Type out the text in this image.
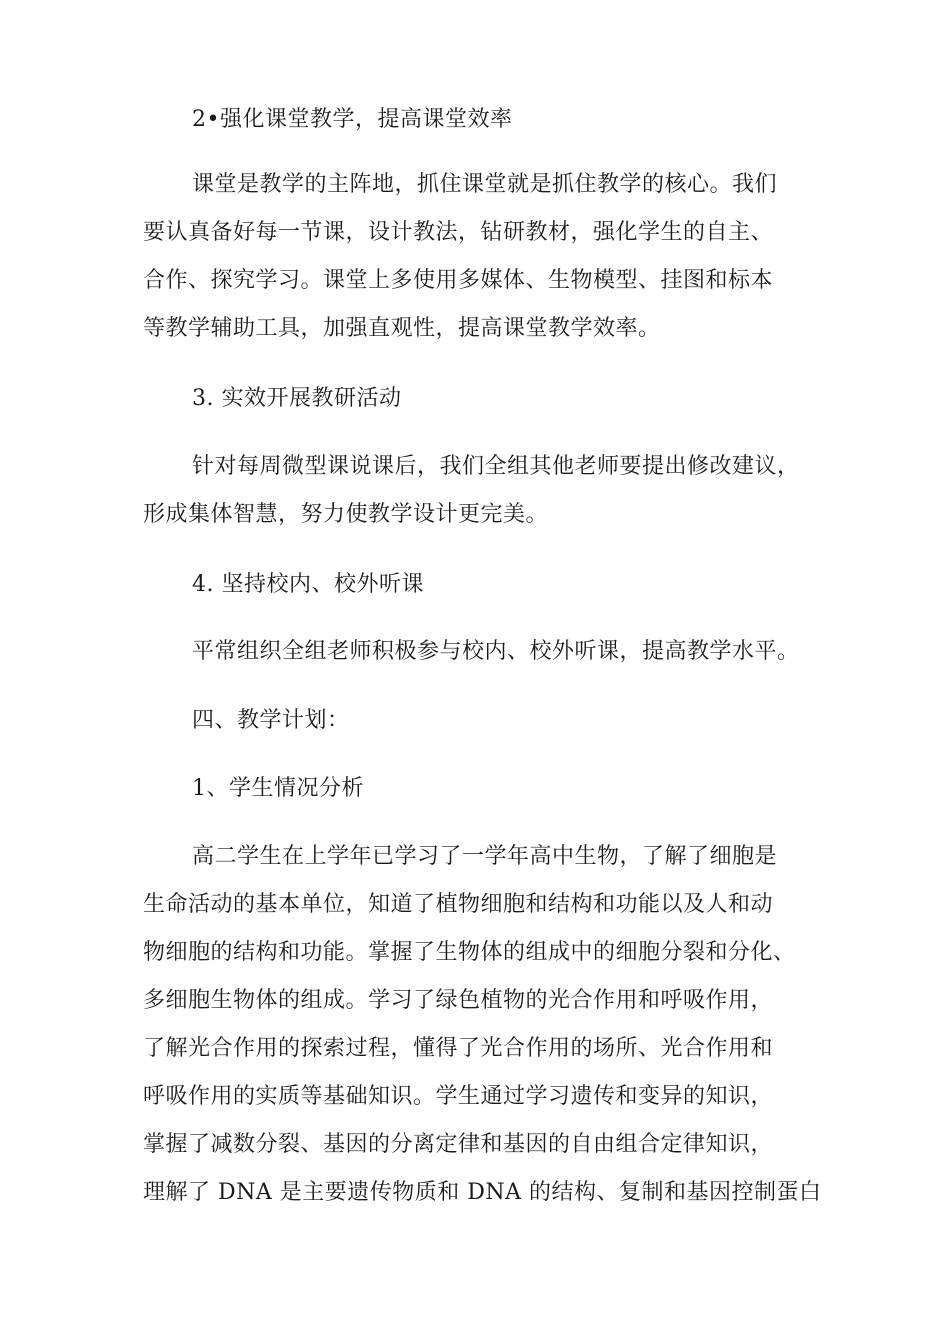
2•强化课堂教学，提高课堂效率
课堂是教学的主阵地，抓住课堂就是抓住教学的核心。我们
要认真备好每一节课，设计教法，钻研教材，强化学生的自主、
合作、探究学习。课堂上多使用多媒体、生物模型、挂图和标本
等教学辅助工具，加强直观性，提高课堂教学效率。
3. 实效开展教研活动
针对每周微型课说课后，我们全组其他老师要提出修改建议，
形成集体智慧，努力使教学设计更完美。
4. 坚持校内、校外听课
平常组织全组老师积极参与校内、校外听课，提高教学水平。
四、教学计划：
1、学生情况分析
高二学生在上学年已学习了一学年高中生物，了解了细胞是
生命活动的基本单位，知道了植物细胞和结构和功能以及人和动
物细胞的结构和功能。掌握了生物体的组成中的细胞分裂和分化、
多细胞生物体的组成。学习了绿色植物的光合作用和呼吸作用，
了解光合作用的探索过程，懂得了光合作用的场所、光合作用和
呼吸作用的实质等基础知识。学生通过学习遗传和变异的知识，
掌握了减数分裂、基因的分离定律和基因的自由组合定律知识，
理解了 DNA 是主要遗传物质和 DNA 的结构、复制和基因控制蛋白
